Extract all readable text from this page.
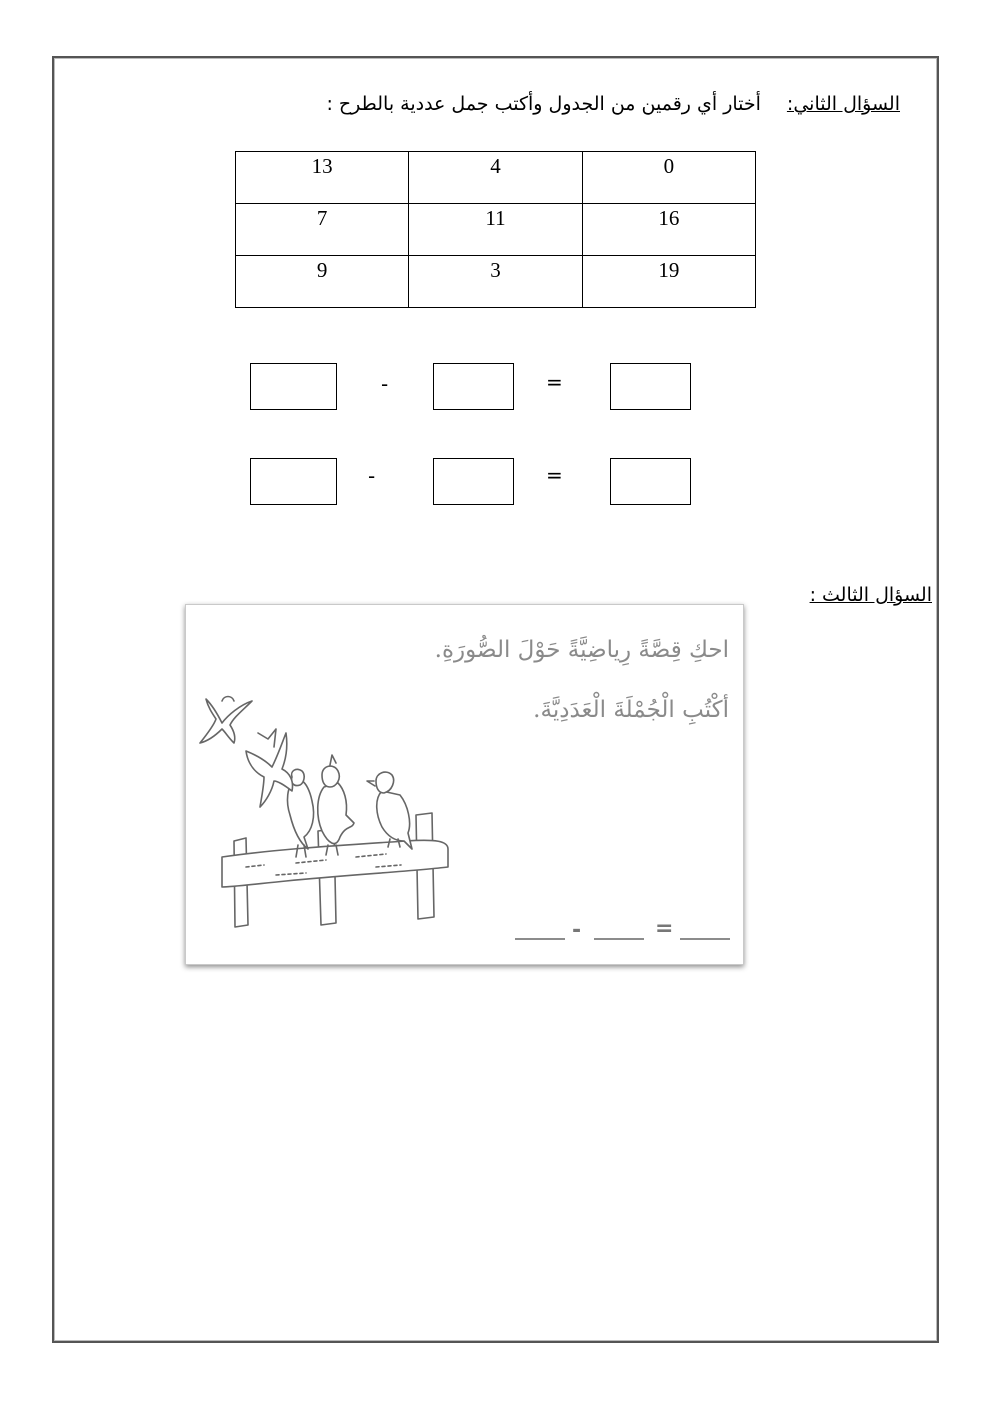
السؤال الثاني:أختار أي رقمين من الجدول وأكتب جمل عددية بالطرح :
13	4	0
7	11	16
9	3	19
-	=
-	=
السؤال الثالث :
احكِ قِصَّةً رِياضِيَّةً حَوْلَ الصُّورَةِ.
أكْتُبِ الْجُمْلَةَ الْعَدَدِيَّةَ.
-	=
